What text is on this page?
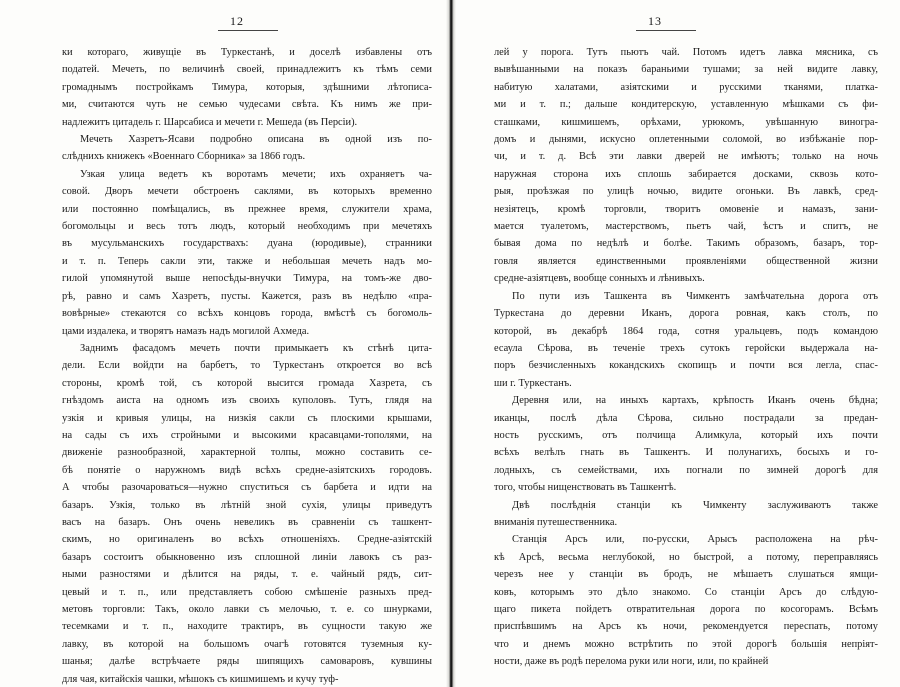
12
ки котораго, живущіе въ Туркестанѣ, и доселѣ избавлены отъ
податей. Мечеть, по величинѣ своей, принадлежитъ къ тѣмъ семи
громаднымъ постройкамъ Тимура, которыя, здѣшними лѣтописа-
ми, считаются чуть не семью чудесами свѣта. Къ нимъ же при-
надлежитъ цитадель г. Шарсабиса и мечети г. Мешеда (въ Персіи).
Мечеть Хазретъ-Ясави подробно описана въ одной изъ по-
слѣднихъ книжекъ «Военнаго Сборника» за 1866 годъ.
Узкая улица ведетъ къ воротамъ мечети; ихъ охраняетъ ча-
совой. Дворъ мечети обстроенъ саклями, въ которыхъ временно
или постоянно помѣщались, въ прежнее время, служители храма,
богомольцы и весь тотъ людъ, который необходимъ при мечетяхъ
въ мусульманскихъ государствахъ: дуана (юродивые), странники
и т. п. Теперь сакли эти, также и небольшая мечеть надъ мо-
гилой упомянутой выше непосѣды-внучки Тимура, на томъ-же дво-
рѣ, равно и самъ Хазретъ, пусты. Кажется, разъ въ недѣлю «пра-
вовѣрные» стекаются со всѣхъ концовъ города, вмѣстѣ съ богомоль-
цами издалека, и творятъ намазъ надъ могилой Ахмеда.
Заднимъ фасадомъ мечеть почти примыкаетъ къ стѣнѣ цита-
дели. Если войдти на барбетъ, то Туркестанъ откроется во всѣ
стороны, кромѣ той, съ которой высится громада Хазрета, съ
гнѣздомъ аиста на одномъ изъ своихъ куполовъ. Тутъ, глядя на
узкія и кривыя улицы, на низкія сакли съ плоскими крышами,
на сады съ ихъ стройными и высокими красавцами-тополями, на
движеніе разнообразной, характерной толпы, можно составить се-
бѣ понятіе о наружномъ видѣ всѣхъ средне-азіятскихъ городовъ.
А чтобы разочароваться—нужно спуститься съ барбета и идти на
базаръ. Узкія, только въ лѣтній зной сухія, улицы приведутъ
васъ на базаръ. Онъ очень невеликъ въ сравненіи съ ташкент-
скимъ, но оригиналенъ во всѣхъ отношеніяхъ. Средне-азіятскій
базаръ состоитъ обыкновенно изъ сплошной линіи лавокъ съ раз-
ными разностями и дѣлится на ряды, т. е. чайный рядъ, сит-
цевый и т. п., или представляетъ собою смѣшеніе разныхъ пред-
метовъ торговли: Такъ, около лавки съ мелочью, т. е. со шнурками,
тесемками и т. п., находите трактиръ, въ сущности такую же
лавку, въ которой на большомъ очагѣ готовятся туземныя ку-
шанья; далѣе встрѣчаете ряды шипящихъ самоваровъ, кувшины
для чая, китайскія чашки, мѣшокъ съ кишмишемъ и кучу туф-
13
лей у порога. Тутъ пьютъ чай. Потомъ идетъ лавка мясника, съ
вывѣшанными на показъ бараньими тушами; за ней видите лавку,
набитую халатами, азіятскими и русскими тканями, платка-
ми и т. п.; дальше кондитерскую, уставленную мѣшками съ фи-
сташками, кишмишемъ, орѣхами, урюкомъ, увѣшанную виногра-
домъ и дынями, искусно оплетенными соломой, во избѣжаніе пор-
чи, и т. д. Всѣ эти лавки дверей не имѣютъ; только на ночь
наружная сторона ихъ сплошь забирается досками, сквозь кото-
рыя, проѣзжая по улицѣ ночью, видите огоньки. Въ лавкѣ, сред-
незіятецъ, кромѣ торговли, творитъ омовеніе и намазъ, зани-
мается туалетомъ, мастерствомъ, пьетъ чай, ѣстъ и спитъ, не
бывая дома по недѣлѣ и болѣе. Такимъ образомъ, базаръ, тор-
говля является единственными проявленіями общественной жизни
средне-азіятцевъ, вообще сонныхъ и лѣнивыхъ.
По пути изъ Ташкента въ Чимкентъ замѣчательна дорога отъ
Туркестана до деревни Иканъ, дорога ровная, какъ столъ, по
которой, въ декабрѣ 1864 года, сотня уральцевъ, подъ командою
есаула Сѣрова, въ теченіе трехъ сутокъ геройски выдержала на-
поръ безчисленныхъ кокандскихъ скопищъ и почти вся легла, спас-
ши г. Туркестанъ.
Деревня или, на иныхъ картахъ, крѣпость Иканъ очень бѣдна;
иканцы, послѣ дѣла Сѣрова, сильно пострадали за предан-
ность русскимъ, отъ полчища Алимкула, который ихъ почти
всѣхъ велѣлъ гнать въ Ташкентъ. И полунагихъ, босыхъ и го-
лодныхъ, съ семействами, ихъ погнали по зимней дорогѣ для
того, чтобы нищенствовать въ Ташкентѣ.
Двѣ послѣднія станціи къ Чимкенту заслуживаютъ также
вниманія путешественника.
Станція Арсъ или, по-русски, Арысъ расположена на рѣч-
кѣ Арсѣ, весьма неглубокой, но быстрой, а потому, переправляясь
черезъ нее у станціи въ бродъ, не мѣшаетъ слушаться ямщи-
ковъ, которымъ это дѣло знакомо. Со станціи Арсъ до слѣдую-
щаго пикета пойдетъ отвратительная дорога по косогорамъ. Всѣмъ
приспѣвшимъ на Арсъ къ ночи, рекомендуется переспать, потому
что и днемъ можно встрѣтить по этой дорогѣ большія непріят-
ности, даже въ родѣ перелома руки или ноги, или, по крайней
